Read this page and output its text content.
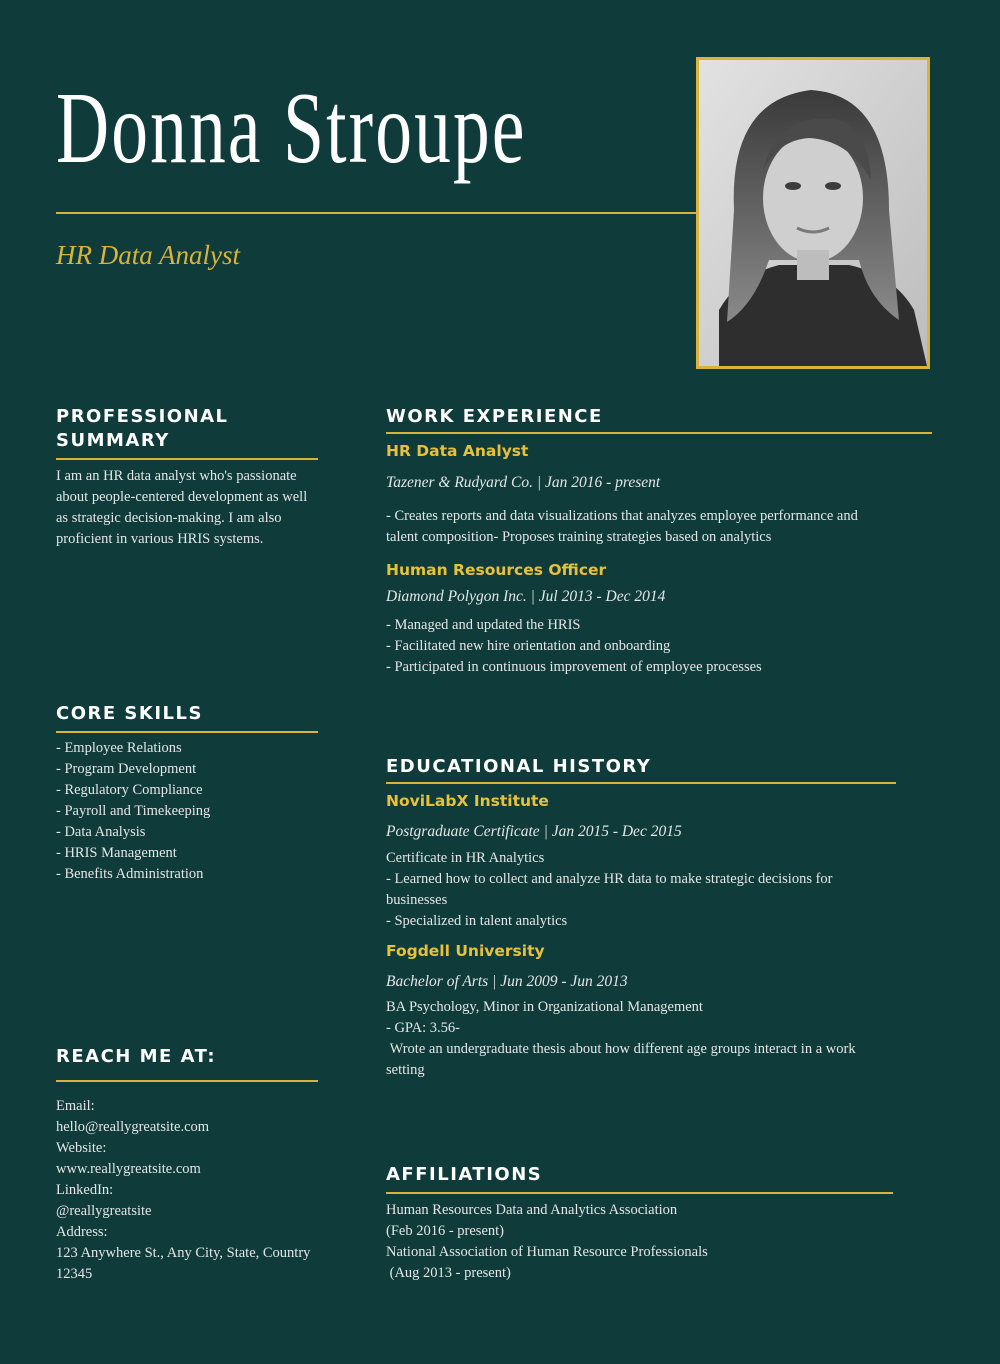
Donna Stroupe
HR Data Analyst
PROFESSIONAL
SUMMARY
I am an HR data analyst who's passionate about people-centered development as well as strategic decision-making. I am also proficient in various HRIS systems.
CORE SKILLS
- Employee Relations
- Program Development
- Regulatory Compliance
- Payroll and Timekeeping
- Data Analysis
- HRIS Management
- Benefits Administration
REACH ME AT:
Email:
hello@reallygreatsite.com
Website:
www.reallygreatsite.com
LinkedIn:
@reallygreatsite
Address:
123 Anywhere St., Any City, State, Country
12345
WORK EXPERIENCE
HR Data Analyst
Tazener & Rudyard Co. | Jan 2016 - present
- Creates reports and data visualizations that analyzes employee performance and
talent composition- Proposes training strategies based on analytics
Human Resources Officer
Diamond Polygon Inc. | Jul 2013 - Dec 2014
- Managed and updated the HRIS
- Facilitated new hire orientation and onboarding
- Participated in continuous improvement of employee processes
EDUCATIONAL HISTORY
NoviLabX Institute
Postgraduate Certificate | Jan 2015 - Dec 2015
Certificate in HR Analytics
- Learned how to collect and analyze HR data to make strategic decisions for
businesses
- Specialized in talent analytics
Fogdell University
Bachelor of Arts | Jun 2009 - Jun 2013
BA Psychology, Minor in Organizational Management
- GPA: 3.56-
Wrote an undergraduate thesis about how different age groups interact in a work
setting
AFFILIATIONS
Human Resources Data and Analytics Association
(Feb 2016 - present)
National Association of Human Resource Professionals
(Aug 2013 - present)
